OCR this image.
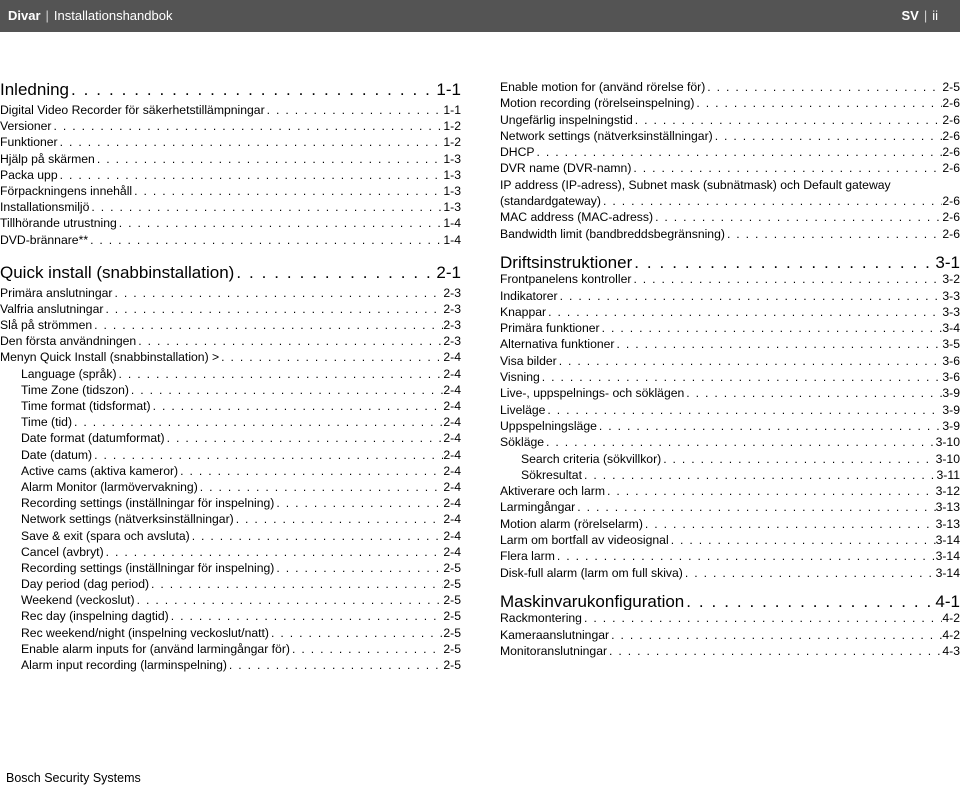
Divar | Installationshandbok	SV | ii
Inledning . . .	1-1
Digital Video Recorder för säkerhetstillämpningar . . .	1-1
Versioner . . .	1-2
Funktioner . . .	1-2
Hjälp på skärmen . . .	1-3
Packa upp . . .	1-3
Förpackningens innehåll . . .	1-3
Installationsmiljö . . .	1-3
Tillhörande utrustning . . .	1-4
DVD-brännare** . . .	1-4
Quick install (snabbinstallation) . . .	2-1
Primära anslutningar . . .	2-3
Valfria anslutningar . . .	2-3
Slå på strömmen . . .	2-3
Den första användningen . . .	2-3
Menyn Quick Install (snabbinstallation) > . . .	2-4
Language (språk) . . .	2-4
Time Zone (tidszon) . . .	2-4
Time format (tidsformat) . . .	2-4
Time (tid) . . .	2-4
Date format (datumformat) . . .	2-4
Date (datum) . . .	2-4
Active cams (aktiva kameror) . . .	2-4
Alarm Monitor (larmövervakning) . . .	2-4
Recording settings (inställningar för inspelning) . . .	2-4
Network settings (nätverksinställningar) . . .	2-4
Save & exit (spara och avsluta) . . .	2-4
Cancel (avbryt) . . .	2-4
Recording settings (inställningar för inspelning) . . .	2-5
Day period (dag period) . . .	2-5
Weekend (veckoslut) . . .	2-5
Rec day (inspelning dagtid) . . .	2-5
Rec weekend/night (inspelning veckoslut/natt) . . .	2-5
Enable alarm inputs for (använd larmingångar för) . . .	2-5
Alarm input recording (larminspelning) . . .	2-5
Enable motion for (använd rörelse för) . . .	2-5
Motion recording (rörelseinspelning) . . .	2-6
Ungefärlig inspelningstid . . .	2-6
Network settings (nätverksinställningar) . . .	2-6
DHCP . . .	2-6
DVR name (DVR-namn) . . .	2-6
IP address (IP-adress), Subnet mask (subnätmask) och Default gateway
(standardgateway) . . .	2-6
MAC address (MAC-adress) . . .	2-6
Bandwidth limit (bandbreddsbegränsning) . . .	2-6
Driftsinstruktioner . . .	3-1
Frontpanelens kontroller . . .	3-2
Indikatorer . . .	3-3
Knappar . . .	3-3
Primära funktioner . . .	3-4
Alternativa funktioner . . .	3-5
Visa bilder . . .	3-6
Visning . . .	3-6
Live-, uppspelnings- och söklägen . . .	3-9
Liveläge . . .	3-9
Uppspelningsläge . . .	3-9
Sökläge . . .	3-10
Search criteria (sökvillkor) . . .	3-10
Sökresultat . . .	3-11
Aktiverare och larm . . .	3-12
Larmingångar . . .	3-13
Motion alarm (rörelselarm) . . .	3-13
Larm om bortfall av videosignal . . .	3-14
Flera larm . . .	3-14
Disk-full alarm (larm om full skiva) . . .	3-14
Maskinvarukonfiguration . . .	4-1
Rackmontering . . .	4-2
Kameraanslutningar . . .	4-2
Monitoranslutningar . . .	4-3
Bosch Security Systems
